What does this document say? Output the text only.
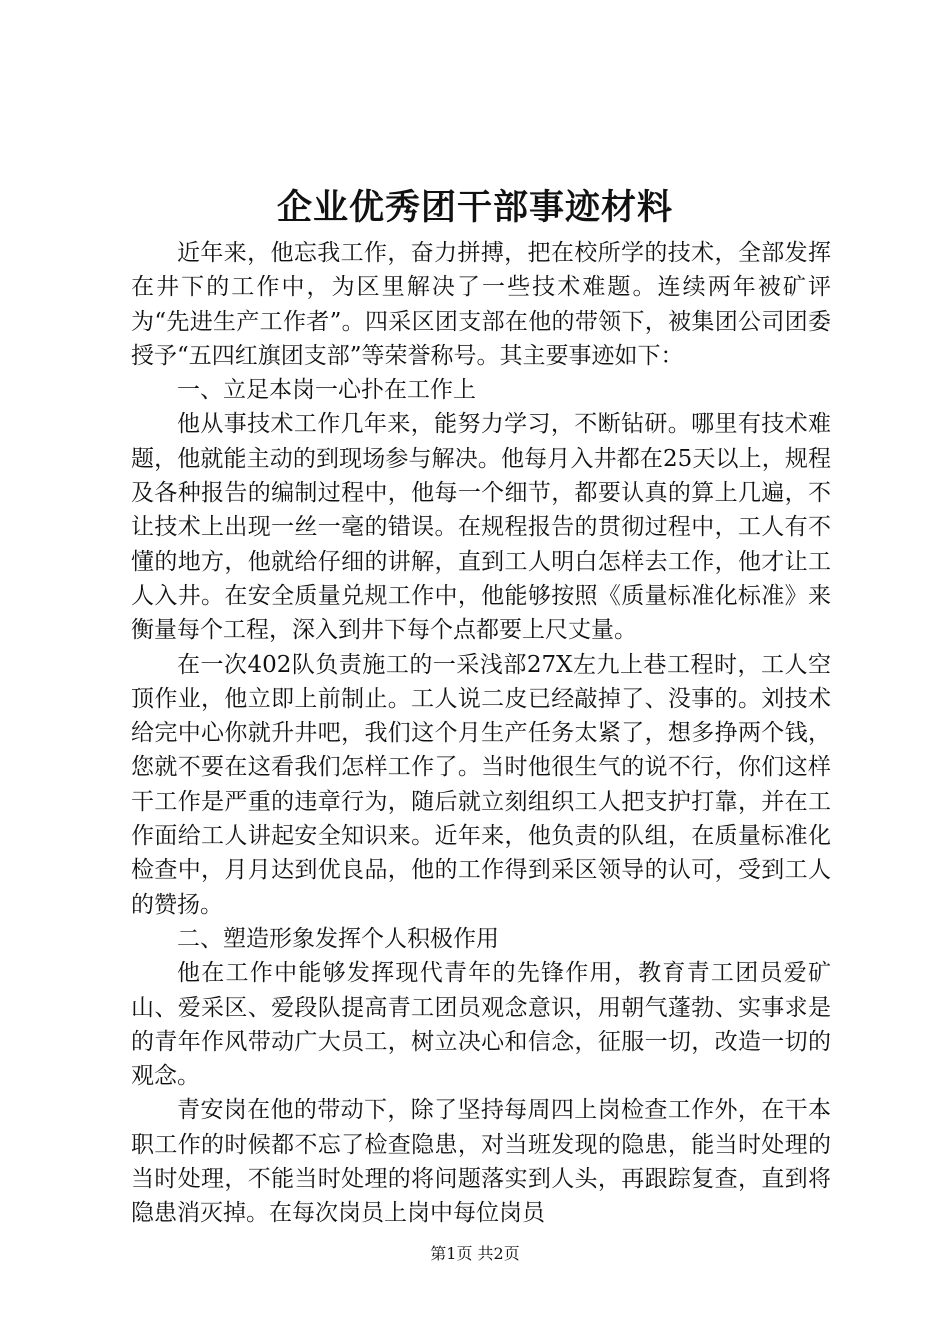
企业优秀团干部事迹材料

近年来，他忘我工作，奋力拼搏，把在校所学的技术，全部发挥在井下的工作中，为区里解决了一些技术难题。连续两年被矿评为“先进生产工作者”。四采区团支部在他的带领下，被集团公司团委授予“五四红旗团支部”等荣誉称号。其主要事迹如下：

一、立足本岗一心扑在工作上

他从事技术工作几年来，能努力学习，不断钻研。哪里有技术难题，他就能主动的到现场参与解决。他每月入井都在25天以上，规程及各种报告的编制过程中，他每一个细节，都要认真的算上几遍，不让技术上出现一丝一毫的错误。在规程报告的贯彻过程中，工人有不懂的地方，他就给仔细的讲解，直到工人明白怎样去工作，他才让工人入井。在安全质量兑规工作中，他能够按照《质量标准化标准》来衡量每个工程，深入到井下每个点都要上尺丈量。

在一次402队负责施工的一采浅部27X左九上巷工程时，工人空顶作业，他立即上前制止。工人说二皮已经敲掉了、没事的。刘技术给完中心你就升井吧，我们这个月生产任务太紧了，想多挣两个钱，您就不要在这看我们怎样工作了。当时他很生气的说不行，你们这样干工作是严重的违章行为，随后就立刻组织工人把支护打靠，并在工作面给工人讲起安全知识来。近年来，他负责的队组，在质量标准化检查中，月月达到优良品，他的工作得到采区领导的认可，受到工人的赞扬。

二、塑造形象发挥个人积极作用

他在工作中能够发挥现代青年的先锋作用，教育青工团员爱矿山、爱采区、爱段队提高青工团员观念意识，用朝气蓬勃、实事求是的青年作风带动广大员工，树立决心和信念，征服一切，改造一切的观念。

青安岗在他的带动下，除了坚持每周四上岗检查工作外，在干本职工作的时候都不忘了检查隐患，对当班发现的隐患，能当时处理的当时处理，不能当时处理的将问题落实到人头，再跟踪复查，直到将隐患消灭掉。在每次岗员上岗中每位岗员

第1页 共2页
